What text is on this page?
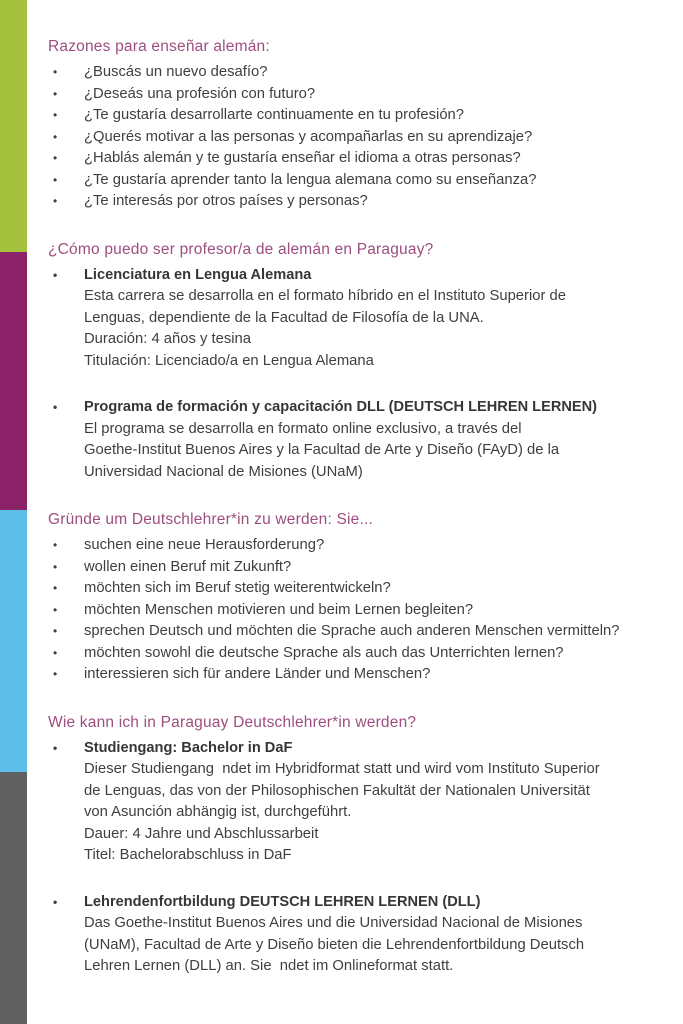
Razones para enseñar alemán:
•	¿Buscás un nuevo desafío?
•	¿Deseás una profesión con futuro?
•	¿Te gustaría desarrollarte continuamente en tu profesión?
•	¿Querés motivar a las personas y acompañarlas en su aprendizaje?
•	¿Hablás alemán y te gustaría enseñar el idioma a otras personas?
•	¿Te gustaría aprender tanto la lengua alemana como su enseñanza?
•	¿Te interesás por otros países y personas?
¿Cómo puedo ser profesor/a de alemán en Paraguay?
•	Licenciatura en Lengua Alemana
Esta carrera se desarrolla en el formato híbrido en el Instituto Superior de
Lenguas, dependiente de la Facultad de Filosofía de la UNA.
Duración: 4 años y tesina
Titulación: Licenciado/a en Lengua Alemana
•	Programa de formación y capacitación DLL (DEUTSCH LEHREN LERNEN)
El programa se desarrolla en formato online exclusivo, a través del
Goethe-Institut Buenos Aires y la Facultad de Arte y Diseño (FAyD) de la
Universidad Nacional de Misiones (UNaM)
Gründe um Deutschlehrer*in zu werden: Sie...
•	suchen eine neue Herausforderung?
•	wollen einen Beruf mit Zukunft?
•	möchten sich im Beruf stetig weiterentwickeln?
•	möchten Menschen motivieren und beim Lernen begleiten?
•	sprechen Deutsch und möchten die Sprache auch anderen Menschen vermitteln?
•	möchten sowohl die deutsche Sprache als auch das Unterrichten lernen?
•	interessieren sich für andere Länder und Menschen?
Wie kann ich in Paraguay Deutschlehrer*in werden?
•	Studiengang: Bachelor in DaF
Dieser Studiengang  ndet im Hybridformat statt und wird vom Instituto Superior
de Lenguas, das von der Philosophischen Fakultät der Nationalen Universität
von Asunción abhängig ist, durchgeführt.
Dauer: 4 Jahre und Abschlussarbeit
Titel: Bachelorabschluss in DaF
•	Lehrendenfortbildung DEUTSCH LEHREN LERNEN (DLL)
Das Goethe-Institut Buenos Aires und die Universidad Nacional de Misiones
(UNaM), Facultad de Arte y Diseño bieten die Lehrendenfortbildung Deutsch
Lehren Lernen (DLL) an. Sie  ndet im Onlineformat statt.
